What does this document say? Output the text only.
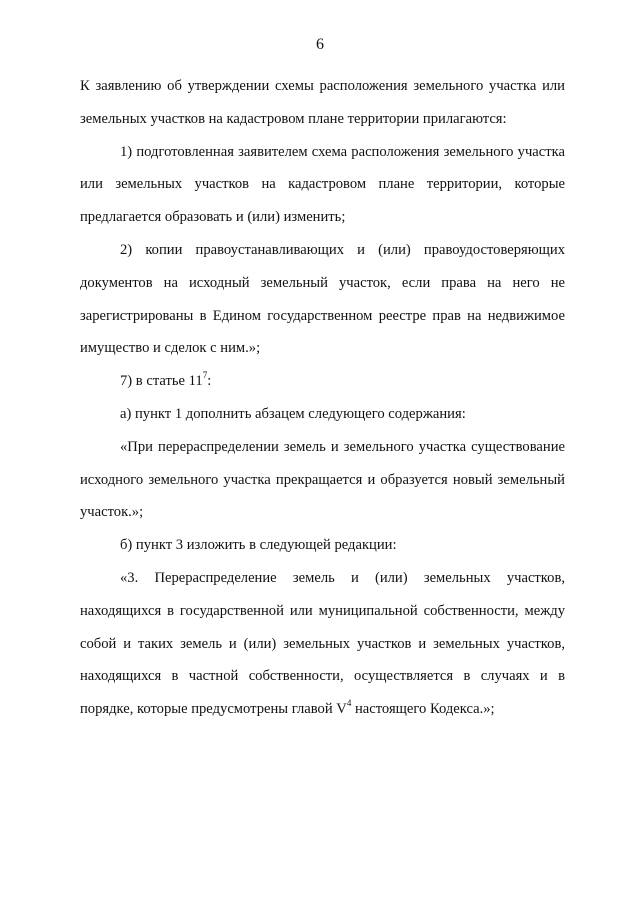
6

К заявлению об утверждении схемы расположения земельного участка или земельных участков на кадастровом плане территории прилагаются:

1) подготовленная заявителем схема расположения земельного участка или земельных участков на кадастровом плане территории, которые предлагается образовать и (или) изменить;

2) копии правоустанавливающих и (или) правоудостоверяющих документов на исходный земельный участок, если права на него не зарегистрированы в Едином государственном реестре прав на недвижимое имущество и сделок с ним.»;

7) в статье $11^7$:

а) пункт 1 дополнить абзацем следующего содержания:

«При перераспределении земель и земельного участка существование исходного земельного участка прекращается и образуется новый земельный участок.»;

б) пункт 3 изложить в следующей редакции:

«3. Перераспределение земель и (или) земельных участков, находящихся в государственной или муниципальной собственности, между собой и таких земель и (или) земельных участков и земельных участков, находящихся в частной собственности, осуществляется в случаях и в порядке, которые предусмотрены главой $V^4$ настоящего Кодекса.»;
